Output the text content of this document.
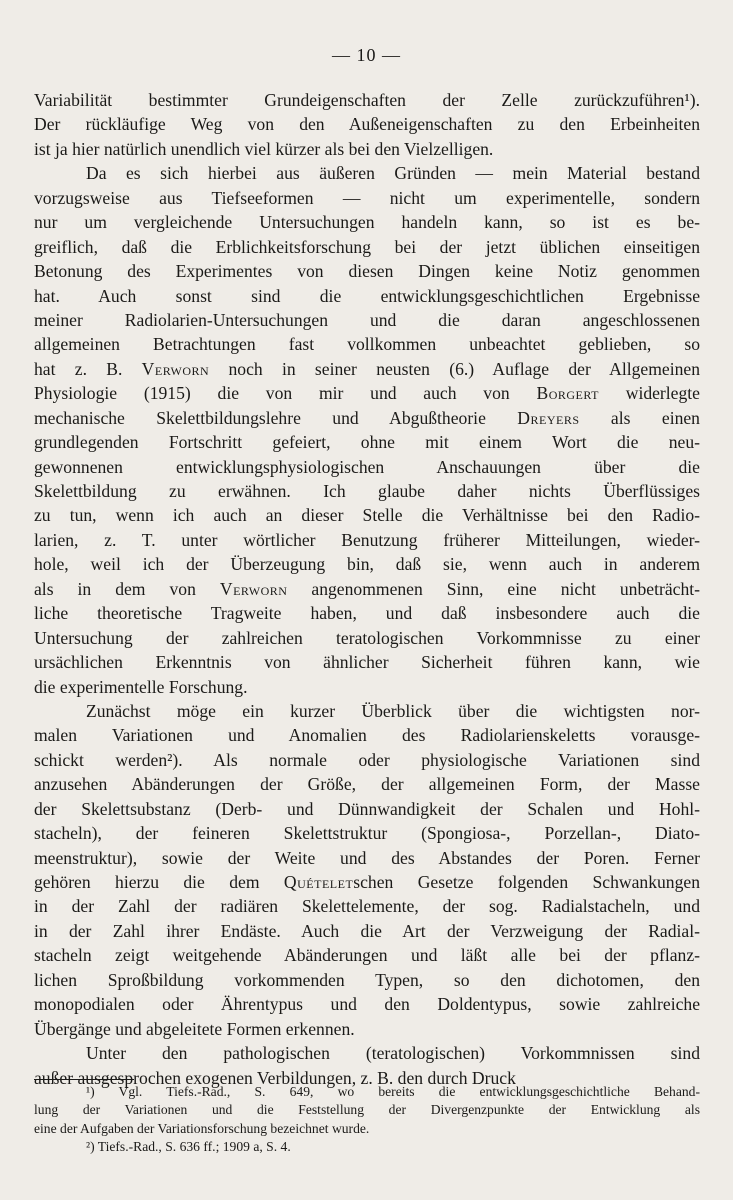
— 10 —
Variabilität bestimmter Grundeigenschaften der Zelle zurückzuführen¹).
Der rückläufige Weg von den Außeneigenschaften zu den Erbeinheiten
ist ja hier natürlich unendlich viel kürzer als bei den Vielzelligen.
Da es sich hierbei aus äußeren Gründen — mein Material bestand
vorzugsweise aus Tiefseeformen — nicht um experimentelle, sondern
nur um vergleichende Untersuchungen handeln kann, so ist es be-
greiflich, daß die Erblichkeitsforschung bei der jetzt üblichen einseitigen
Betonung des Experimentes von diesen Dingen keine Notiz genommen
hat. Auch sonst sind die entwicklungsgeschichtlichen Ergebnisse
meiner Radiolarien-Untersuchungen und die daran angeschlossenen
allgemeinen Betrachtungen fast vollkommen unbeachtet geblieben, so
hat z. B. Verworn noch in seiner neusten (6.) Auflage der Allgemeinen
Physiologie (1915) die von mir und auch von Borgert widerlegte
mechanische Skelettbildungslehre und Abgußtheorie Dreyers als einen
grundlegenden Fortschritt gefeiert, ohne mit einem Wort die neu-
gewonnenen entwicklungsphysiologischen Anschauungen über die
Skelettbildung zu erwähnen. Ich glaube daher nichts Überflüssiges
zu tun, wenn ich auch an dieser Stelle die Verhältnisse bei den Radio-
larien, z. T. unter wörtlicher Benutzung früherer Mitteilungen, wieder-
hole, weil ich der Überzeugung bin, daß sie, wenn auch in anderem
als in dem von Verworn angenommenen Sinn, eine nicht unbeträcht-
liche theoretische Tragweite haben, und daß insbesondere auch die
Untersuchung der zahlreichen teratologischen Vorkommnisse zu einer
ursächlichen Erkenntnis von ähnlicher Sicherheit führen kann, wie
die experimentelle Forschung.
Zunächst möge ein kurzer Überblick über die wichtigsten nor-
malen Variationen und Anomalien des Radiolarienskeletts vorausge-
schickt werden²). Als normale oder physiologische Variationen sind
anzusehen Abänderungen der Größe, der allgemeinen Form, der Masse
der Skelettsubstanz (Derb- und Dünnwandigkeit der Schalen und Hohl-
stacheln), der feineren Skelettstruktur (Spongiosa-, Porzellan-, Diato-
meenstruktur), sowie der Weite und des Abstandes der Poren. Ferner
gehören hierzu die dem Quételetschen Gesetze folgenden Schwankungen
in der Zahl der radiären Skelettelemente, der sog. Radialstacheln, und
in der Zahl ihrer Endäste. Auch die Art der Verzweigung der Radial-
stacheln zeigt weitgehende Abänderungen und läßt alle bei der pflanz-
lichen Sproßbildung vorkommenden Typen, so den dichotomen, den
monopodialen oder Ährentypus und den Doldentypus, sowie zahlreiche
Übergänge und abgeleitete Formen erkennen.
Unter den pathologischen (teratologischen) Vorkommnissen sind
außer ausgesprochen exogenen Verbildungen, z. B. den durch Druck
¹) Vgl. Tiefs.-Rad., S. 649, wo bereits die entwicklungsgeschichtliche Behand-
lung der Variationen und die Feststellung der Divergenzpunkte der Entwicklung als
eine der Aufgaben der Variationsforschung bezeichnet wurde.
²) Tiefs.-Rad., S. 636 ff.; 1909 a, S. 4.
